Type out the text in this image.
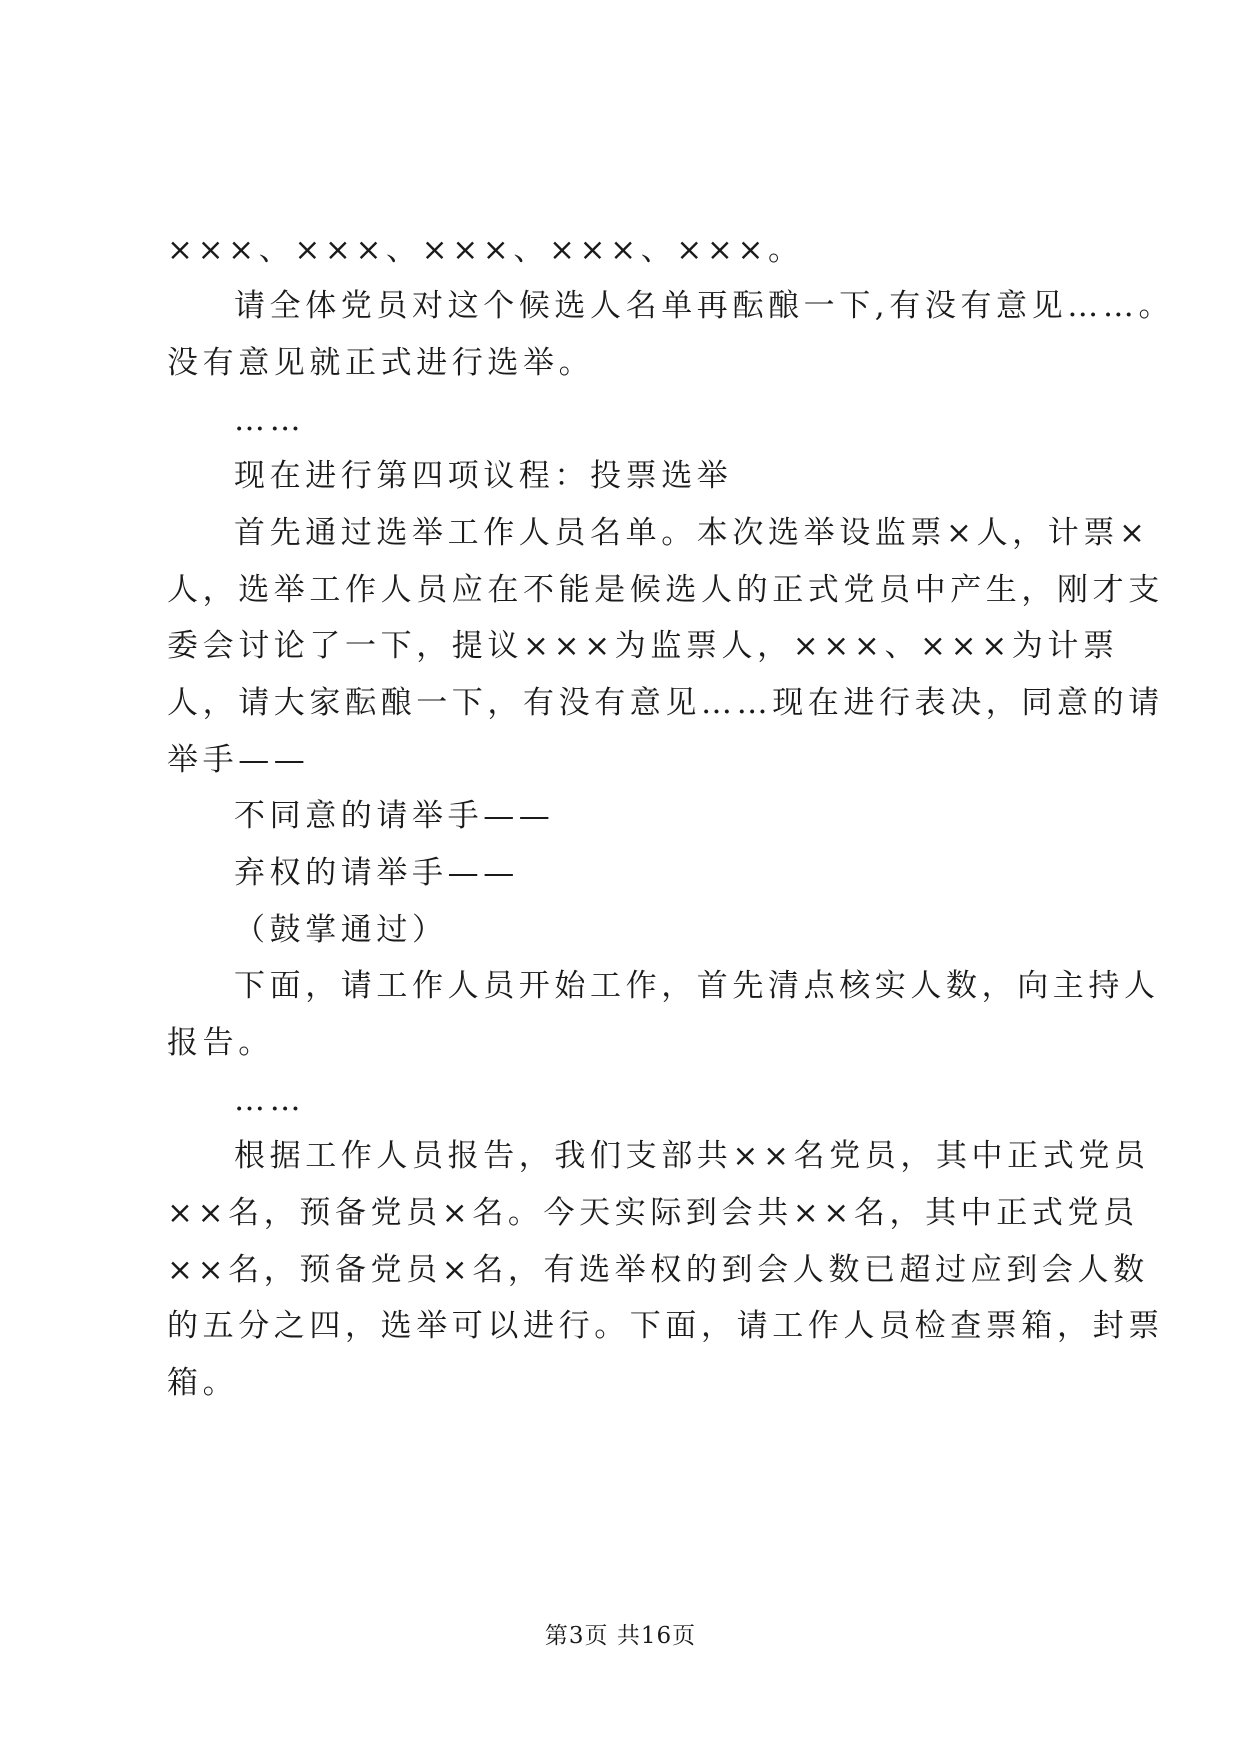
×××、×××、×××、×××、×××。
请全体党员对这个候选人名单再酝酿一下,有没有意见……。
没有意见就正式进行选举。
……
现在进行第四项议程：投票选举
首先通过选举工作人员名单。本次选举设监票×人，计票×
人，选举工作人员应在不能是候选人的正式党员中产生，刚才支
委会讨论了一下，提议×××为监票人，×××、×××为计票
人，请大家酝酿一下，有没有意见……现在进行表决，同意的请
举手——
不同意的请举手——
弃权的请举手——
（鼓掌通过）
下面，请工作人员开始工作，首先清点核实人数，向主持人
报告。
……
根据工作人员报告，我们支部共××名党员，其中正式党员
××名，预备党员×名。今天实际到会共××名，其中正式党员
××名，预备党员×名，有选举权的到会人数已超过应到会人数
的五分之四，选举可以进行。下面，请工作人员检查票箱，封票
箱。
第3页 共16页
